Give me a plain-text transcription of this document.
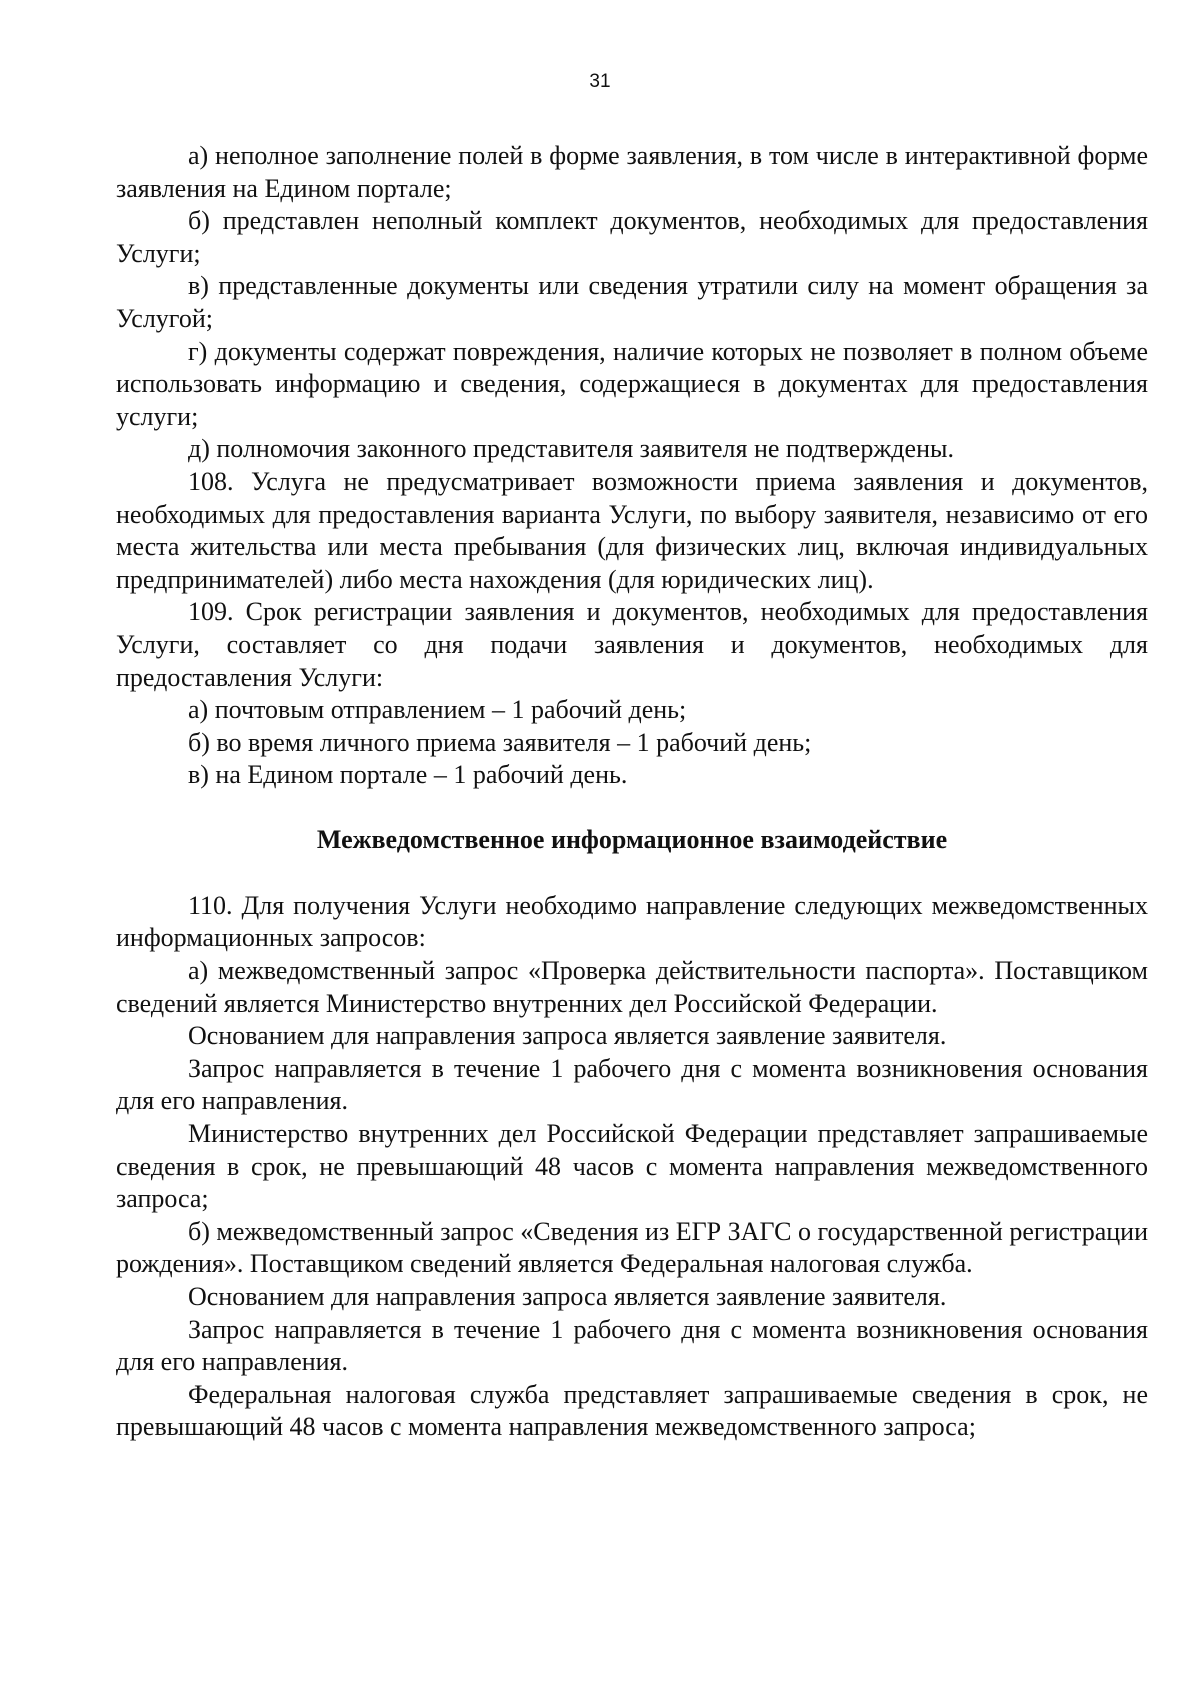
31

а) неполное заполнение полей в форме заявления, в том числе в интерактивной форме заявления на Едином портале;

б) представлен неполный комплект документов, необходимых для предоставления Услуги;

в) представленные документы или сведения утратили силу на момент обращения за Услугой;

г) документы содержат повреждения, наличие которых не позволяет в полном объеме использовать информацию и сведения, содержащиеся в документах для предоставления услуги;

д) полномочия законного представителя заявителя не подтверждены.

108. Услуга не предусматривает возможности приема заявления и документов, необходимых для предоставления варианта Услуги, по выбору заявителя, независимо от его места жительства или места пребывания (для физических лиц, включая индивидуальных предпринимателей) либо места нахождения (для юридических лиц).

109. Срок регистрации заявления и документов, необходимых для предоставления Услуги, составляет со дня подачи заявления и документов, необходимых для предоставления Услуги:

а) почтовым отправлением – 1 рабочий день;

б) во время личного приема заявителя – 1 рабочий день;

в) на Едином портале – 1 рабочий день.

Межведомственное информационное взаимодействие

110. Для получения Услуги необходимо направление следующих межведомственных информационных запросов:

а) межведомственный запрос «Проверка действительности паспорта». Поставщиком сведений является Министерство внутренних дел Российской Федерации.

Основанием для направления запроса является заявление заявителя.

Запрос направляется в течение 1 рабочего дня с момента возникновения основания для его направления.

Министерство внутренних дел Российской Федерации представляет запрашиваемые сведения в срок, не превышающий 48 часов с момента направления межведомственного запроса;

б) межведомственный запрос «Сведения из ЕГР ЗАГС о государственной регистрации рождения». Поставщиком сведений является Федеральная налоговая служба.

Основанием для направления запроса является заявление заявителя.

Запрос направляется в течение 1 рабочего дня с момента возникновения основания для его направления.

Федеральная налоговая служба представляет запрашиваемые сведения в срок, не превышающий 48 часов с момента направления межведомственного запроса;
